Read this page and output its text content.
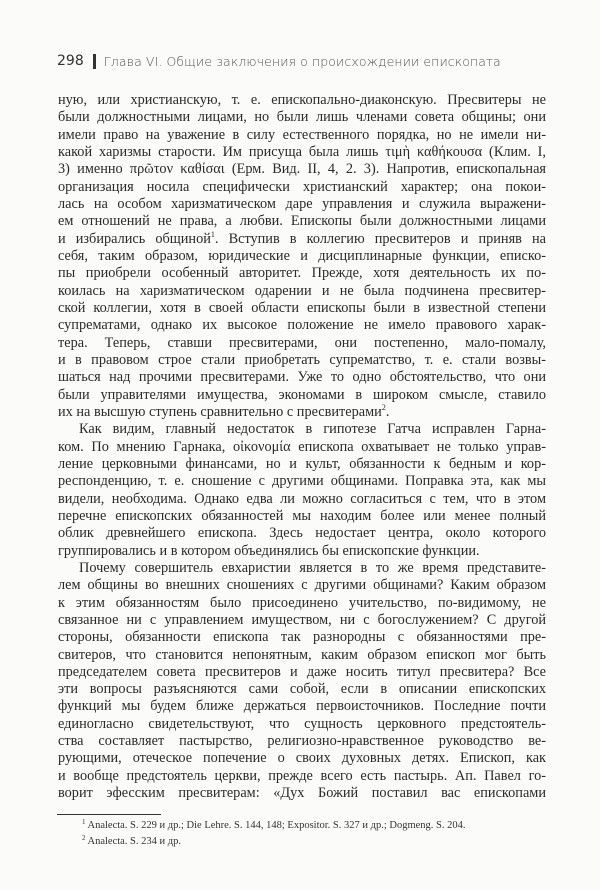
298 Глава VI. Общие заключения о происхождении епископата
ную, или христианскую, т. е. епископально-диаконскую. Пресвитеры не
были должностными лицами, но были лишь членами совета общины; они
имели право на уважение в силу естественного порядка, но не имели ни-
какой харизмы старости. Им присуща была лишь τιμὴ καθήκουσα (Клим. I,
3) именно πρῶτον καθίσαι (Ерм. Вид. II, 4, 2. 3). Напротив, епископальная
организация носила специфически христианский характер; она покои-
лась на особом харизматическом даре управления и служила выражени-
ем отношений не права, а любви. Епископы были должностными лицами
и избирались общиной$^1$. Вступив в коллегию пресвитеров и приняв на
себя, таким образом, юридические и дисциплинарные функции, еписко-
пы приобрели особенный авторитет. Прежде, хотя деятельность их по-
коилась на харизматическом одарении и не была подчинена пресвитер-
ской коллегии, хотя в своей области епископы были в известной степени
супрематами, однако их высокое положение не имело правового харак-
тера. Теперь, ставши пресвитерами, они постепенно, мало-помалу,
и в правовом строе стали приобретать супрематство, т. е. стали возвы-
шаться над прочими пресвитерами. Уже то одно обстоятельство, что они
были управителями имущества, экономами в широком смысле, ставило
их на высшую ступень сравнительно с пресвитерами$^2$.
Как видим, главный недостаток в гипотезе Гатча исправлен Гарна-
ком. По мнению Гарнака, οἰκονομία епископа охватывает не только управ-
ление церковными финансами, но и культ, обязанности к бедным и кор-
респонденцию, т. е. сношение с другими общинами. Поправка эта, как мы
видели, необходима. Однако едва ли можно согласиться с тем, что в этом
перечне епископских обязанностей мы находим более или менее полный
облик древнейшего епископа. Здесь недостает центра, около которого
группировались и в котором объединялись бы епископские функции.
Почему совершитель евхаристии является в то же время представите-
лем общины во внешних сношениях с другими общинами? Каким образом
к этим обязанностям было присоединено учительство, по-видимому, не
связанное ни с управлением имуществом, ни с богослужением? С другой
стороны, обязанности епископа так разнородны с обязанностями пре-
свитеров, что становится непонятным, каким образом епископ мог быть
председателем совета пресвитеров и даже носить титул пресвитера? Все
эти вопросы разъясняются сами собой, если в описании епископских
функций мы будем ближе держаться первоисточников. Последние почти
единогласно свидетельствуют, что сущность церковного предстоятель-
ства составляет пастырство, религиозно-нравственное руководство ве-
рующими, отеческое попечение о своих духовных детях. Епископ, как
и вообще предстоятель церкви, прежде всего есть пастырь. Ап. Павел го-
ворит эфесским пресвитерам: «Дух Божий поставил вас епископами
$^1$ Analecta. S. 229 и др.; Die Lehre. S. 144, 148; Expositor. S. 327 и др.; Dogmeng. S. 204.
$^2$ Analecta. S. 234 и др.
